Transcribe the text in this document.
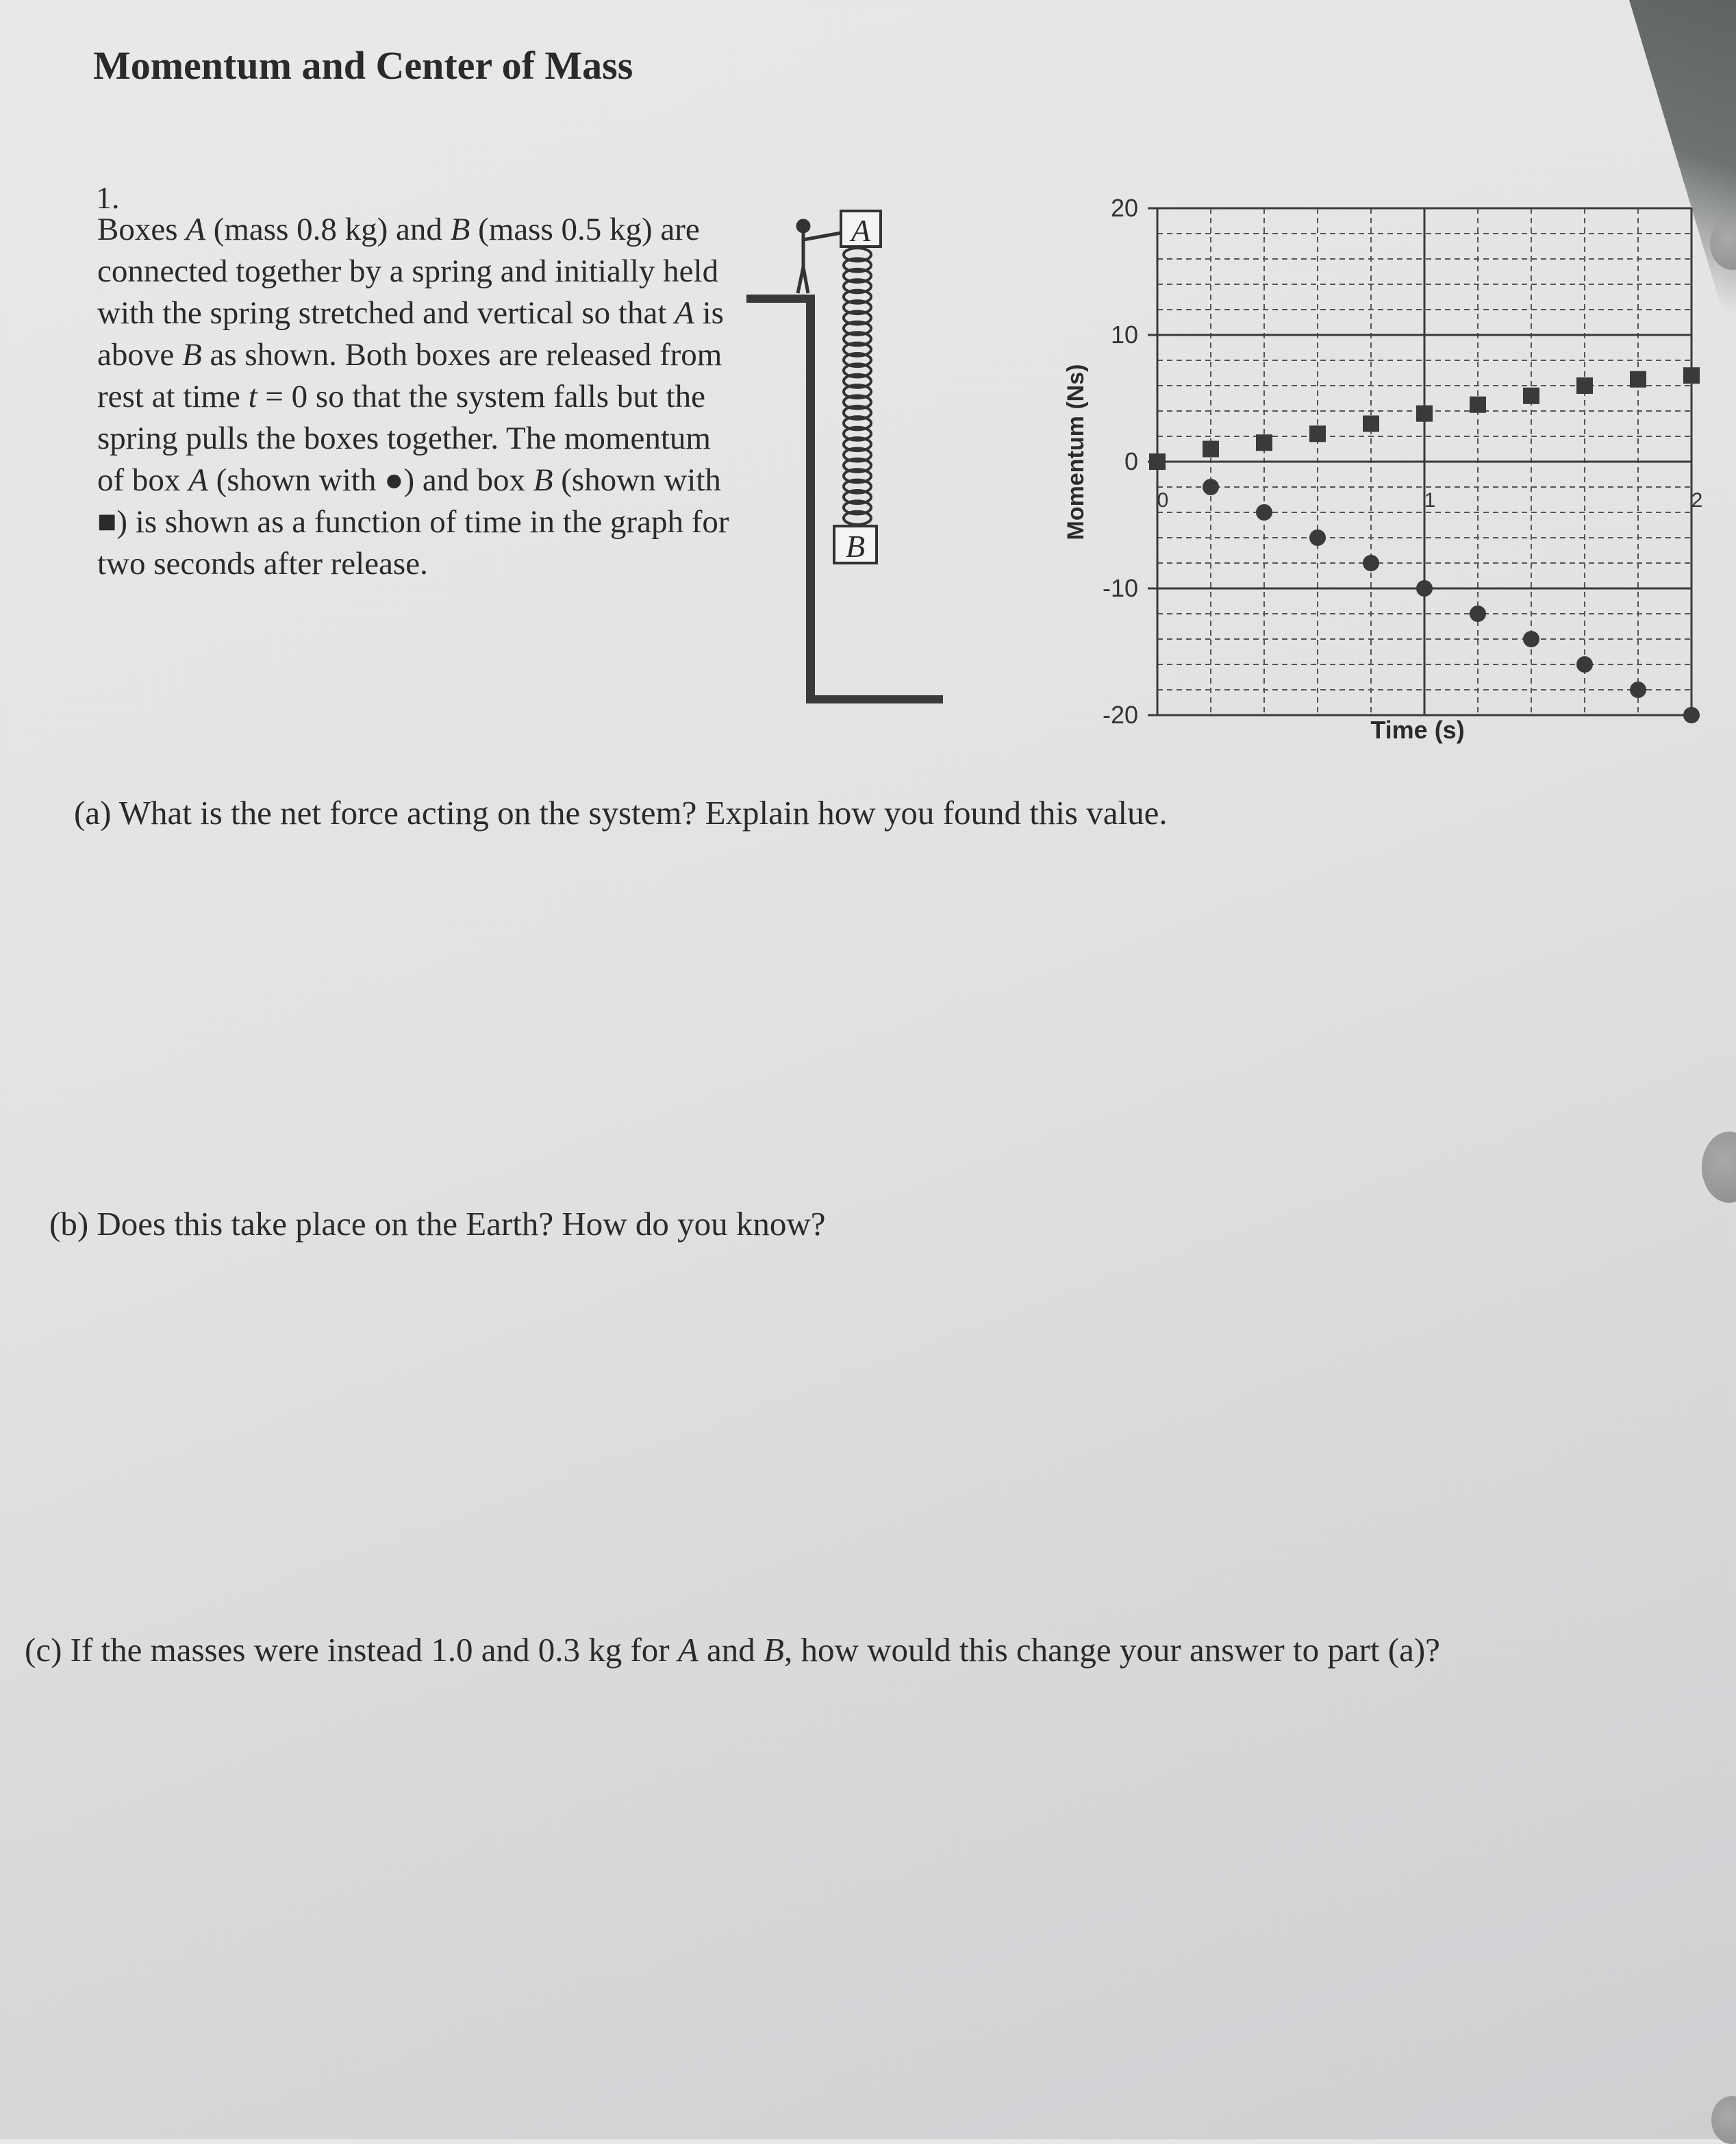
Momentum and Center of Mass
1.

Boxes A (mass 0.8 kg) and B (mass 0.5 kg) are connected together by a spring and initially held with the spring stretched and vertical so that A is above B as shown. Both boxes are released from rest at time t = 0 so that the system falls but the spring pulls the boxes together. The momentum of box A (shown with ●) and box B (shown with ■) is shown as a function of time in the graph for two seconds after release.

A
B
20
10
0
-10
-20
0	1	2
Momentum (Ns)
Time (s)

(a) What is the net force acting on the system? Explain how you found this value.

(b) Does this take place on the Earth? How do you know?

(c) If the masses were instead 1.0 and 0.3 kg for A and B, how would this change your answer to part (a)?
